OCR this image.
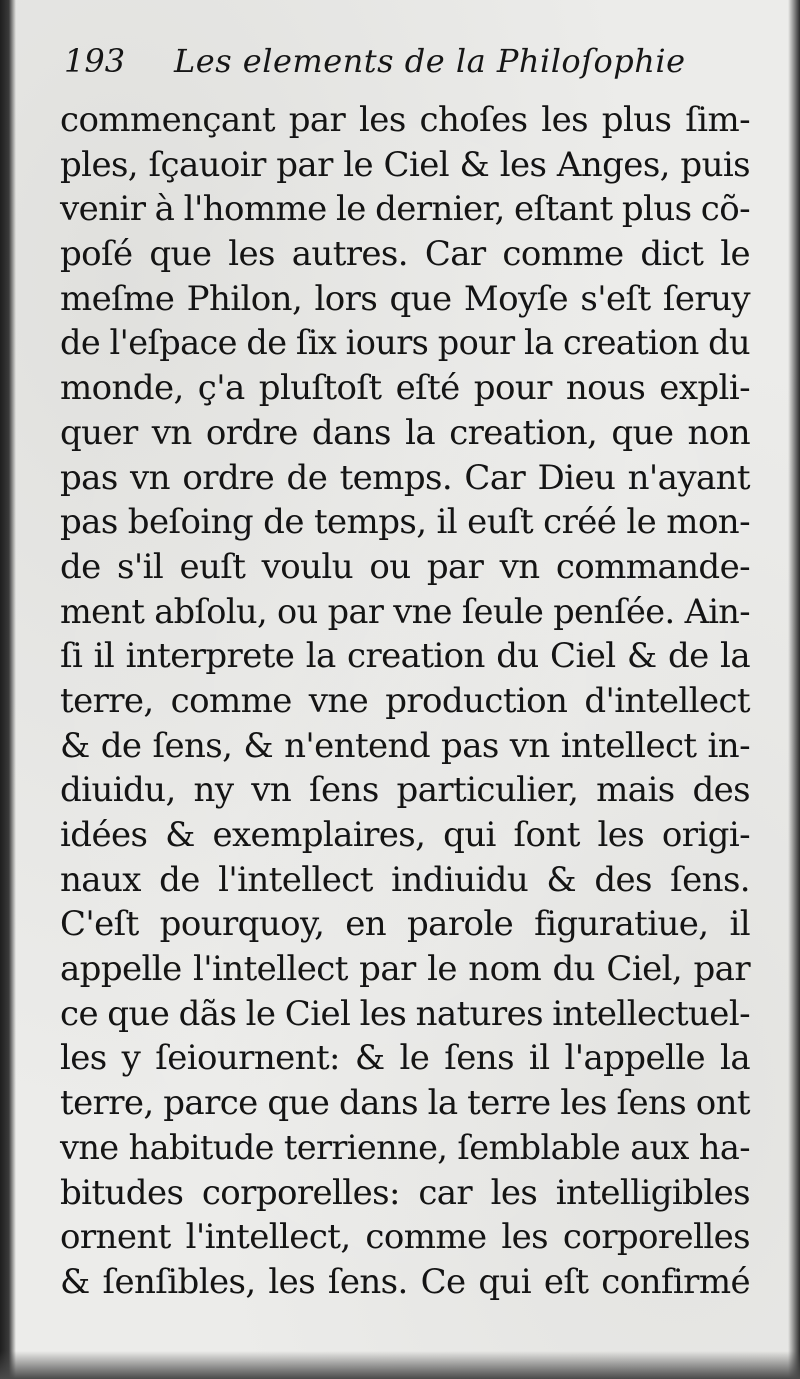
193 Les elements de la Philoſophie
commençant par les choſes les plus ſim-
ples, ſçauoir par le Ciel & les Anges, puis
venir à l'homme le dernier, eſtant plus cõ-
poſé que les autres. Car comme dict le
meſme Philon, lors que Moyſe s'eſt ſeruy
de l'eſpace de ſix iours pour la creation du
monde, ç'a pluſtoſt eſté pour nous expli-
quer vn ordre dans la creation, que non
pas vn ordre de temps. Car Dieu n'ayant
pas beſoing de temps, il euſt créé le mon-
de s'il euſt voulu ou par vn commande-
ment abſolu, ou par vne ſeule penſée. Ain-
ſi il interprete la creation du Ciel & de la
terre, comme vne production d'intellect
& de ſens, & n'entend pas vn intellect in-
diuidu, ny vn ſens particulier, mais des
idées & exemplaires, qui ſont les origi-
naux de l'intellect indiuidu & des ſens.
C'eſt pourquoy, en parole figuratiue, il
appelle l'intellect par le nom du Ciel, par
ce que dãs le Ciel les natures intellectuel-
les y ſeiournent: & le ſens il l'appelle la
terre, parce que dans la terre les ſens ont
vne habitude terrienne, ſemblable aux ha-
bitudes corporelles: car les intelligibles
ornent l'intellect, comme les corporelles
& ſenſibles, les ſens. Ce qui eſt confirmé
